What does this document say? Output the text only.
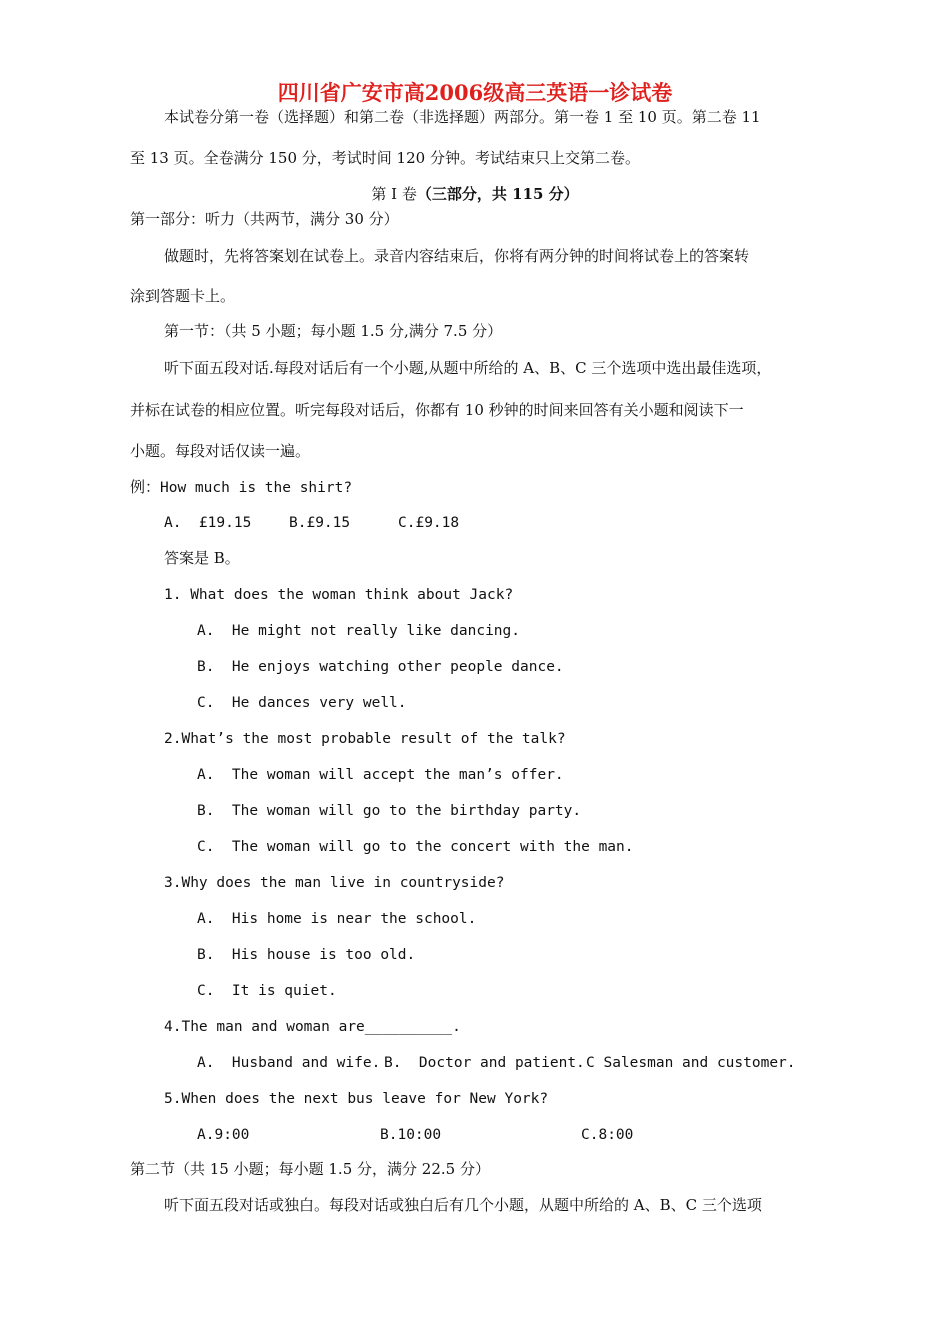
四川省广安市高2006级高三英语一诊试卷
本试卷分第一卷（选择题）和第二卷（非选择题）两部分。第一卷 1 至 10 页。第二卷 11
至 13 页。全卷满分 150 分，考试时间 120 分钟。考试结束只上交第二卷。
第 I 卷（三部分，共 115 分）
第一部分：听力（共两节，满分 30 分）
做题时，先将答案划在试卷上。录音内容结束后，你将有两分钟的时间将试卷上的答案转
涂到答题卡上。
第一节：（共 5 小题；每小题 1.5 分,满分 7.5 分）
听下面五段对话.每段对话后有一个小题,从题中所给的 A、B、C 三个选项中选出最佳选项，
并标在试卷的相应位置。听完每段对话后，你都有 10 秒钟的时间来回答有关小题和阅读下一
小题。每段对话仅读一遍。
例：How much is the shirt?
A.  £19.15	B.£9.15	C.£9.18
答案是 B。
1. What does the woman think about Jack?
A.  He might not really like dancing.
B.  He enjoys watching other people dance.
C.  He dances very well.
2.What’s the most probable result of the talk?
A.  The woman will accept the man’s offer.
B.  The woman will go to the birthday party.
C.  The woman will go to the concert with the man.
3.Why does the man live in countryside?
A.  His home is near the school.
B.  His house is too old.
C.  It is quiet.
4.The man and woman are__________.
A.  Husband and wife. B.  Doctor and patient. C Salesman and customer.
5.When does the next bus leave for New York?
A.9:00	B.10:00	C.8:00
第二节（共 15 小题；每小题 1.5 分，满分 22.5 分）
听下面五段对话或独白。每段对话或独白后有几个小题，从题中所给的 A、B、C 三个选项
